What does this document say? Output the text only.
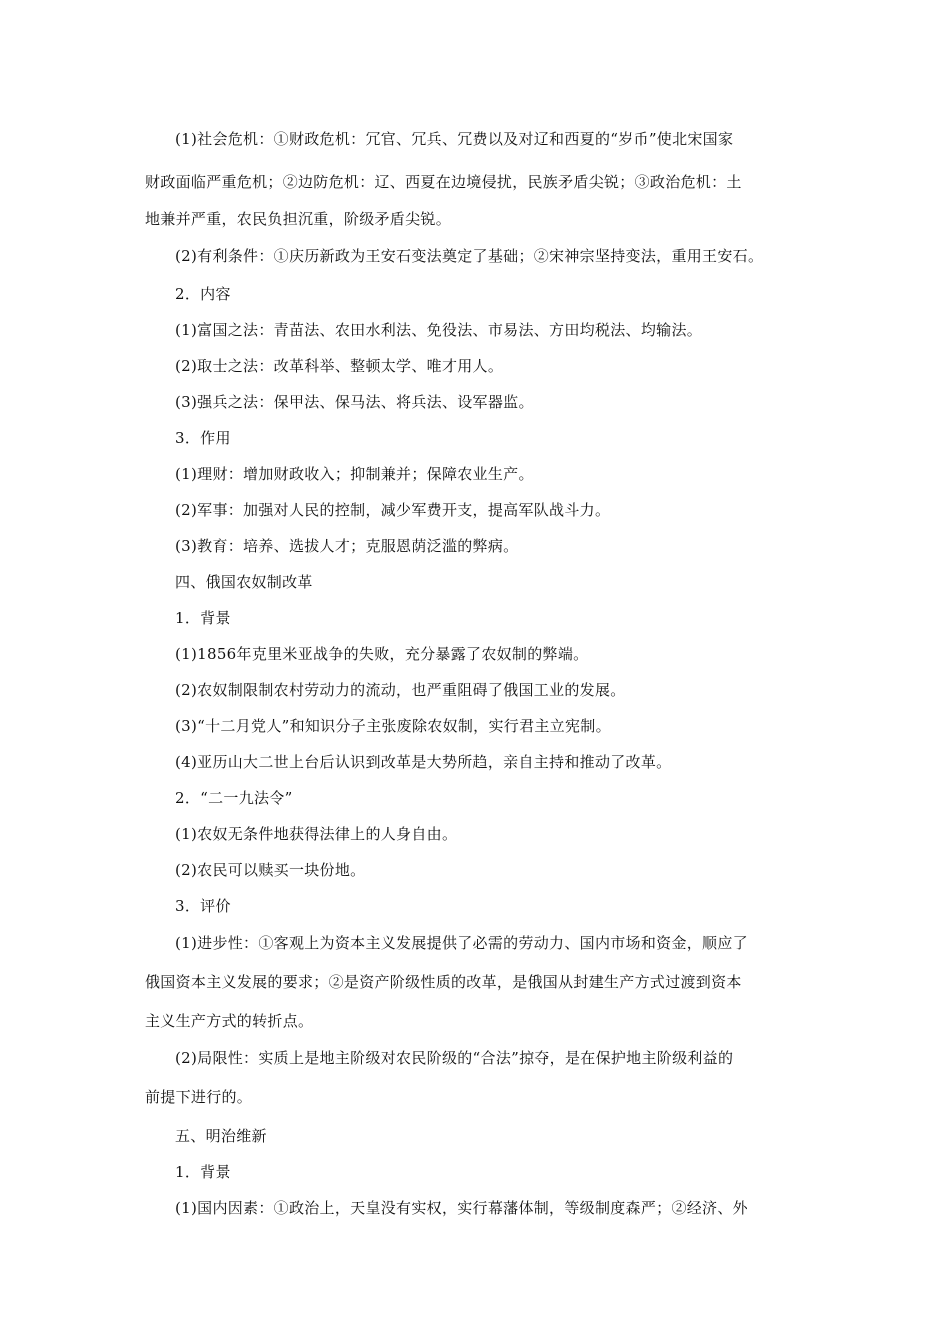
(1)社会危机：①财政危机：冗官、冗兵、冗费以及对辽和西夏的“岁币”使北宋国家
财政面临严重危机；②边防危机：辽、西夏在边境侵扰，民族矛盾尖锐；③政治危机：土
地兼并严重，农民负担沉重，阶级矛盾尖锐。
(2)有利条件：①庆历新政为王安石变法奠定了基础；②宋神宗坚持变法，重用王安石。
2．内容
(1)富国之法：青苗法、农田水利法、免役法、市易法、方田均税法、均输法。
(2)取士之法：改革科举、整顿太学、唯才用人。
(3)强兵之法：保甲法、保马法、将兵法、设军器监。
3．作用
(1)理财：增加财政收入；抑制兼并；保障农业生产。
(2)军事：加强对人民的控制，减少军费开支，提高军队战斗力。
(3)教育：培养、选拔人才；克服恩荫泛滥的弊病。
四、俄国农奴制改革
1．背景
(1)1856年克里米亚战争的失败，充分暴露了农奴制的弊端。
(2)农奴制限制农村劳动力的流动，也严重阻碍了俄国工业的发展。
(3)“十二月党人”和知识分子主张废除农奴制，实行君主立宪制。
(4)亚历山大二世上台后认识到改革是大势所趋，亲自主持和推动了改革。
2．“二一九法令”
(1)农奴无条件地获得法律上的人身自由。
(2)农民可以赎买一块份地。
3．评价
(1)进步性：①客观上为资本主义发展提供了必需的劳动力、国内市场和资金，顺应了
俄国资本主义发展的要求；②是资产阶级性质的改革，是俄国从封建生产方式过渡到资本
主义生产方式的转折点。
(2)局限性：实质上是地主阶级对农民阶级的“合法”掠夺，是在保护地主阶级利益的
前提下进行的。
五、明治维新
1．背景
(1)国内因素：①政治上，天皇没有实权，实行幕藩体制，等级制度森严；②经济、外
